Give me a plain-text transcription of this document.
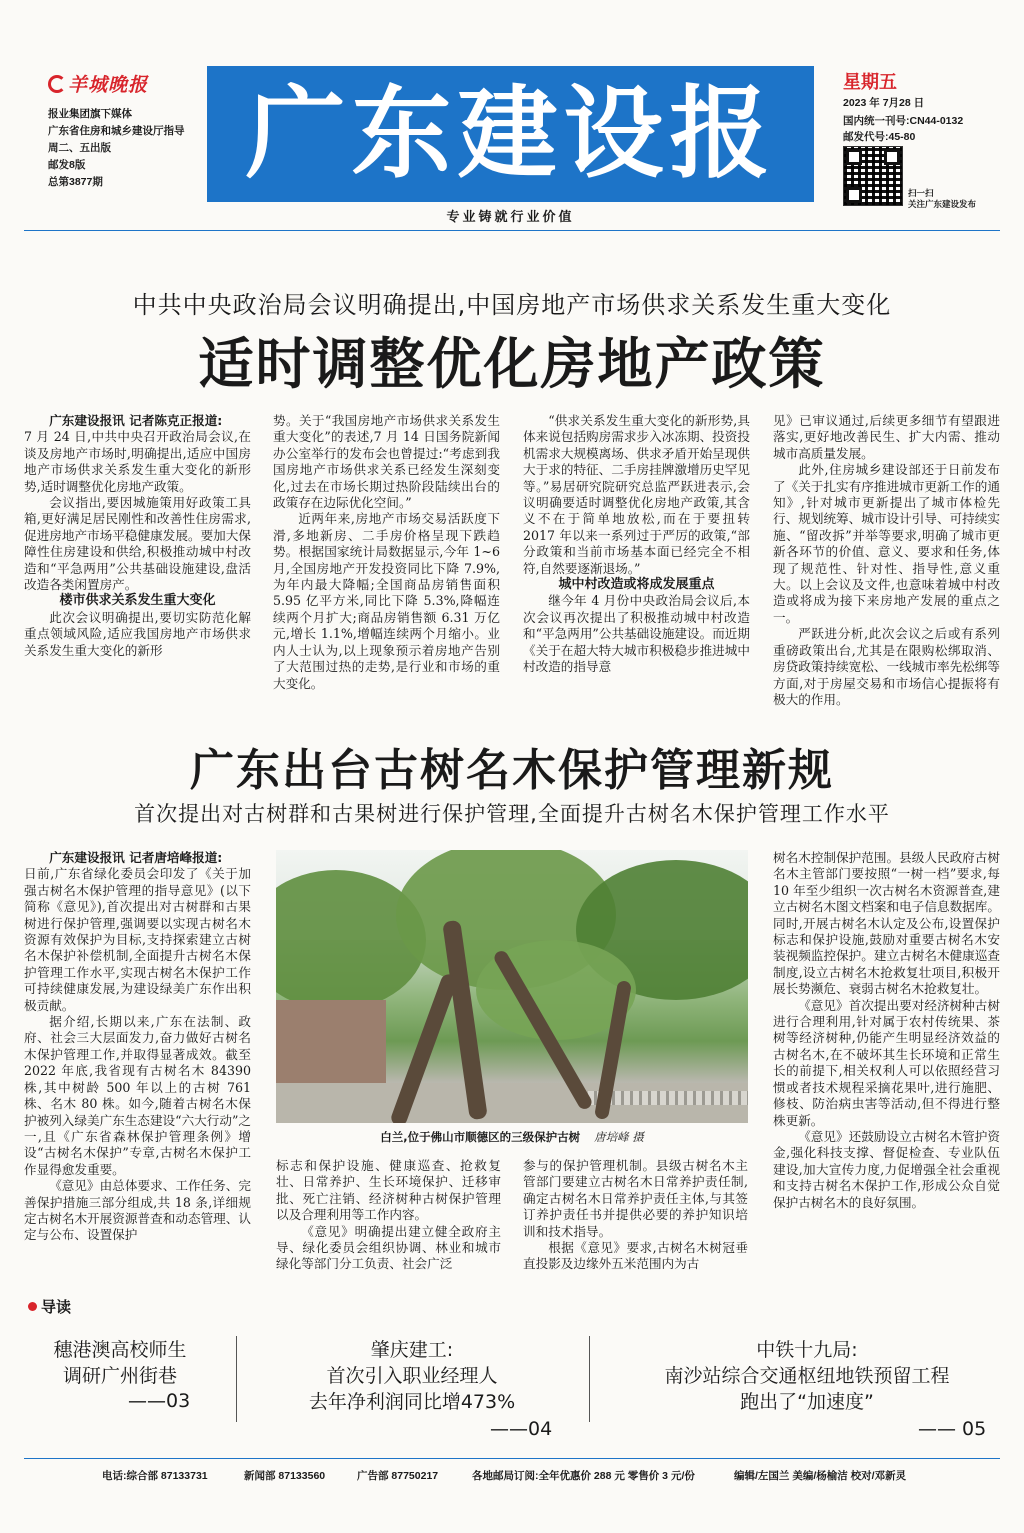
羊城晚报
报业集团旗下媒体
广东省住房和城乡建设厅指导
周二、五出版
邮发8版
总第3877期	广东建设报
专业铸就行业价值
星期五
2023 年 7月28 日
国内统一刊号:CN44-0132
邮发代号:45-80
扫一扫
关注广东建设发布
中共中央政治局会议明确提出,中国房地产市场供求关系发生重大变化
适时调整优化房地产政策

广东建设报讯 记者陈克正报道:

7 月 24 日,中共中央召开政治局会议,在谈及房地产市场时,明确提出,适应中国房地产市场供求关系发生重大变化的新形势,适时调整优化房地产政策。

会议指出,要因城施策用好政策工具箱,更好满足居民刚性和改善性住房需求,促进房地产市场平稳健康发展。要加大保障性住房建设和供给,积极推动城中村改造和“平急两用”公共基础设施建设,盘活改造各类闲置房产。

楼市供求关系发生重大变化

此次会议明确提出,要切实防范化解重点领域风险,适应我国房地产市场供求关系发生重大变化的新形

势。关于“我国房地产市场供求关系发生重大变化”的表述,7 月 14 日国务院新闻办公室举行的发布会也曾提过:“考虑到我国房地产市场供求关系已经发生深刻变化,过去在市场长期过热阶段陆续出台的政策存在边际优化空间。”

近两年来,房地产市场交易活跃度下滑,多地新房、二手房价格呈现下跌趋势。根据国家统计局数据显示,今年 1~6 月,全国房地产开发投资同比下降 7.9%,为年内最大降幅;全国商品房销售面积 5.95 亿平方米,同比下降 5.3%,降幅连续两个月扩大;商品房销售额 6.31 万亿元,增长 1.1%,增幅连续两个月缩小。业内人士认为,以上现象预示着房地产告别了大范围过热的走势,是行业和市场的重大变化。

“供求关系发生重大变化的新形势,具体来说包括购房需求步入冰冻期、投资投机需求大规模离场、供求矛盾开始呈现供大于求的特征、二手房挂牌激增历史罕见等。”易居研究院研究总监严跃进表示,会议明确要适时调整优化房地产政策,其含义不在于简单地放松,而在于要扭转 2017 年以来一系列过于严厉的政策,“部分政策和当前市场基本面已经完全不相符,自然要逐渐退场。”

城中村改造或将成发展重点

继今年 4 月份中央政治局会议后,本次会议再次提出了积极推动城中村改造和“平急两用”公共基础设施建设。而近期《关于在超大特大城市积极稳步推进城中村改造的指导意

见》已审议通过,后续更多细节有望跟进落实,更好地改善民生、扩大内需、推动城市高质量发展。

此外,住房城乡建设部还于日前发布了《关于扎实有序推进城市更新工作的通知》,针对城市更新提出了城市体检先行、规划统筹、城市设计引导、可持续实施、“留改拆”并举等要求,明确了城市更新各环节的价值、意义、要求和任务,体现了规范性、针对性、指导性,意义重大。以上会议及文件,也意味着城中村改造或将成为接下来房地产发展的重点之一。

严跃进分析,此次会议之后或有系列重磅政策出台,尤其是在限购松绑取消、房贷政策持续宽松、一线城市率先松绑等方面,对于房屋交易和市场信心提振将有极大的作用。

广东出台古树名木保护管理新规
首次提出对古树群和古果树进行保护管理,全面提升古树名木保护管理工作水平

广东建设报讯 记者唐培峰报道:

日前,广东省绿化委员会印发了《关于加强古树名木保护管理的指导意见》(以下简称《意见》),首次提出对古树群和古果树进行保护管理,强调要以实现古树名木资源有效保护为目标,支持探索建立古树名木保护补偿机制,全面提升古树名木保护管理工作水平,实现古树名木保护工作可持续健康发展,为建设绿美广东作出积极贡献。

据介绍,长期以来,广东在法制、政府、社会三大层面发力,奋力做好古树名木保护管理工作,并取得显著成效。截至 2022 年底,我省现有古树名木 84390 株,其中树龄 500 年以上的古树 761 株、名木 80 株。如今,随着古树名木保护被列入绿美广东生态建设“六大行动”之一,且《广东省森林保护管理条例》增设“古树名木保护”专章,古树名木保护工作显得愈发重要。

《意见》由总体要求、工作任务、完善保护措施三部分组成,共 18 条,详细规定古树名木开展资源普查和动态管理、认定与公布、设置保护

白兰,位于佛山市顺德区的三级保护古树 唐培峰 摄

标志和保护设施、健康巡查、抢救复壮、日常养护、生长环境保护、迁移审批、死亡注销、经济树种古树保护管理以及合理利用等工作内容。

《意见》明确提出建立健全政府主导、绿化委员会组织协调、林业和城市绿化等部门分工负责、社会广泛

参与的保护管理机制。县级古树名木主管部门要建立古树名木日常养护责任制,确定古树名木日常养护责任主体,与其签订养护责任书并提供必要的养护知识培训和技术指导。

根据《意见》要求,古树名木树冠垂直投影及边缘外五米范围内为古

树名木控制保护范围。县级人民政府古树名木主管部门要按照“一树一档”要求,每 10 年至少组织一次古树名木资源普查,建立古树名木图文档案和电子信息数据库。同时,开展古树名木认定及公布,设置保护标志和保护设施,鼓励对重要古树名木安装视频监控保护。建立古树名木健康巡查制度,设立古树名木抢救复壮项目,积极开展长势濒危、衰弱古树名木抢救复壮。

《意见》首次提出要对经济树种古树进行合理利用,针对属于农村传统果、茶树等经济树种,仍能产生明显经济效益的古树名木,在不破坏其生长环境和正常生长的前提下,相关权利人可以依照经营习惯或者技术规程采摘花果叶,进行施肥、修枝、防治病虫害等活动,但不得进行整株更新。

《意见》还鼓励设立古树名木管护资金,强化科技支撑、督促检查、专业队伍建设,加大宣传力度,力促增强全社会重视和支持古树名木保护工作,形成公众自觉保护古树名木的良好氛围。

导读
穗港澳高校师生
调研广州街巷
——03
肇庆建工:
首次引入职业经理人
去年净利润同比增473%
——04
中铁十九局:
南沙站综合交通枢纽地铁预留工程
跑出了“加速度”
—— 05
电话:综合部 87133731	新闻部 87133560	广告部 87750217	各地邮局订阅:全年优惠价 288 元 零售价 3 元/份	编辑/左国兰 美编/杨榆洁 校对/邓新灵
